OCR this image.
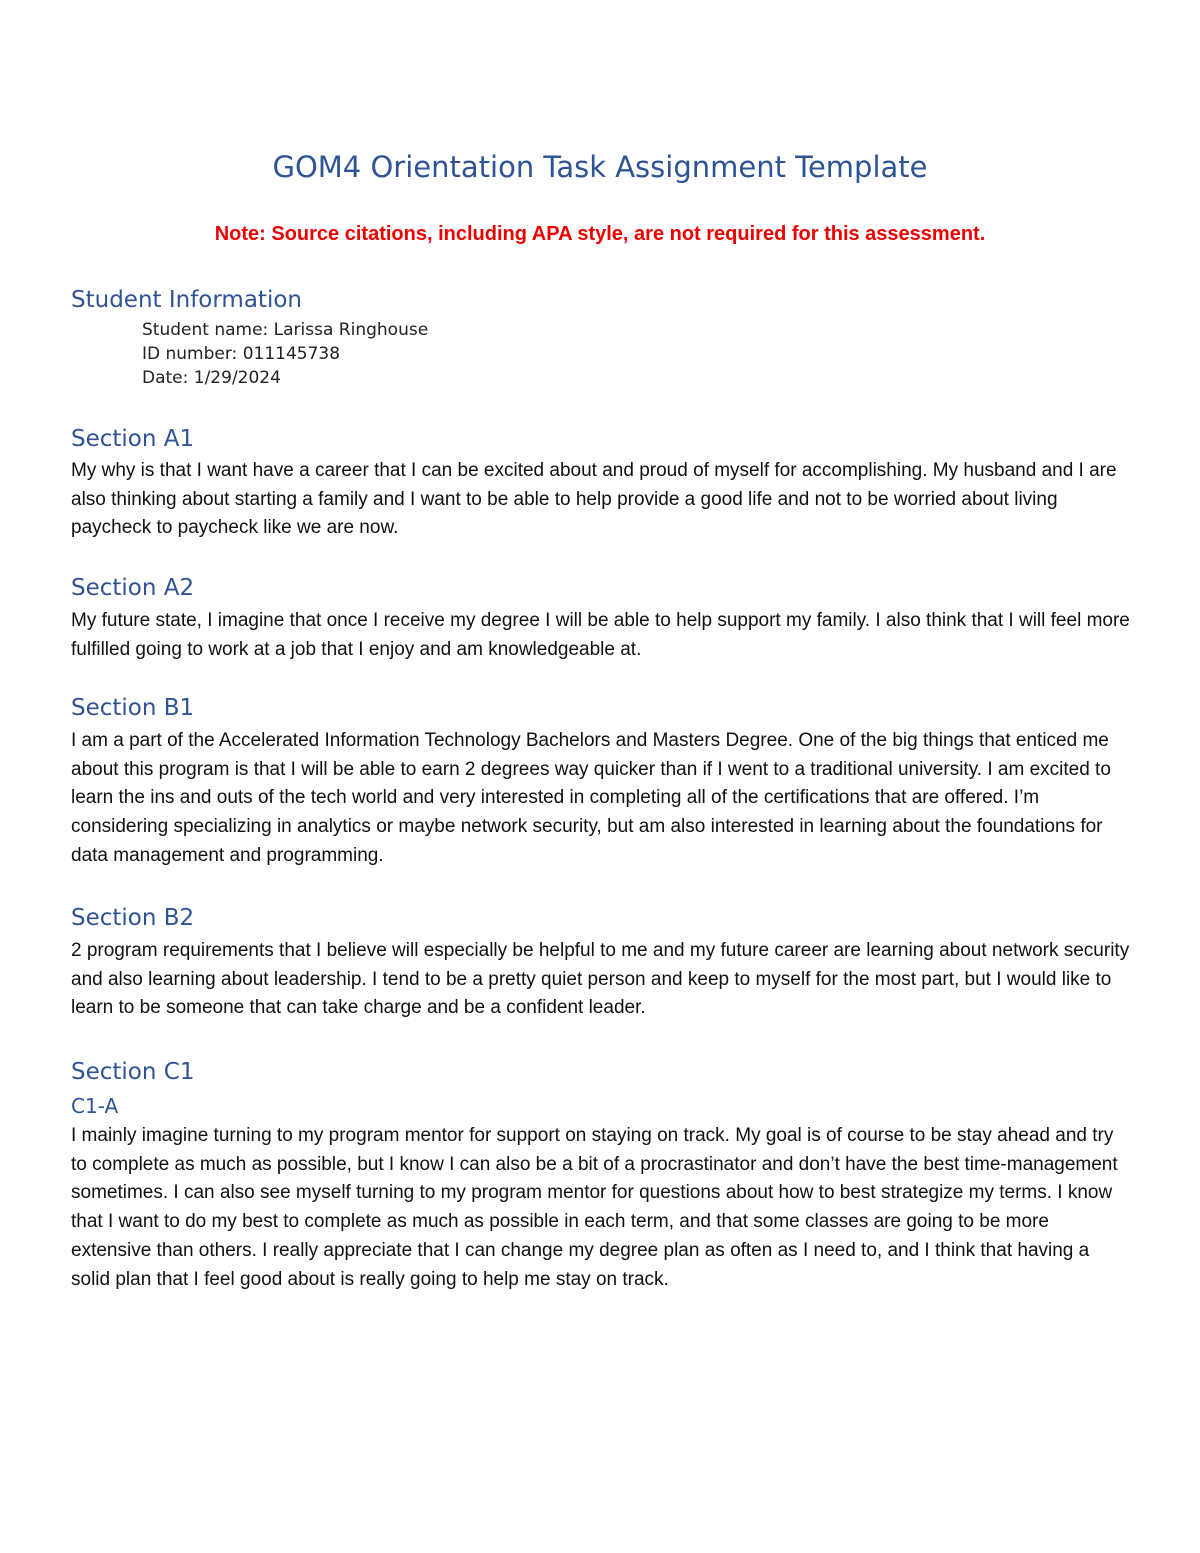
GOM4 Orientation Task Assignment Template

Note: Source citations, including APA style, are not required for this assessment.

Student Information
Student name: Larissa Ringhouse
ID number: 011145738
Date: 1/29/2024
Section A1

My why is that I want have a career that I can be excited about and proud of myself for accomplishing. My husband and I are also thinking about starting a family and I want to be able to help provide a good life and not to be worried about living paycheck to paycheck like we are now.

Section A2

My future state, I imagine that once I receive my degree I will be able to help support my family. I also think that I will feel more fulfilled going to work at a job that I enjoy and am knowledgeable at.

Section B1

I am a part of the Accelerated Information Technology Bachelors and Masters Degree. One of the big things that enticed me about this program is that I will be able to earn 2 degrees way quicker than if I went to a traditional university. I am excited to learn the ins and outs of the tech world and very interested in completing all of the certifications that are offered. I’m considering specializing in analytics or maybe network security, but am also interested in learning about the foundations for data management and programming.

Section B2

2 program requirements that I believe will especially be helpful to me and my future career are learning about network security and also learning about leadership. I tend to be a pretty quiet person and keep to myself for the most part, but I would like to learn to be someone that can take charge and be a confident leader.

Section C1
C1-A

I mainly imagine turning to my program mentor for support on staying on track. My goal is of course to be stay ahead and try to complete as much as possible, but I know I can also be a bit of a procrastinator and don’t have the best time-management sometimes. I can also see myself turning to my program mentor for questions about how to best strategize my terms. I know that I want to do my best to complete as much as possible in each term, and that some classes are going to be more extensive than others. I really appreciate that I can change my degree plan as often as I need to, and I think that having a solid plan that I feel good about is really going to help me stay on track.
